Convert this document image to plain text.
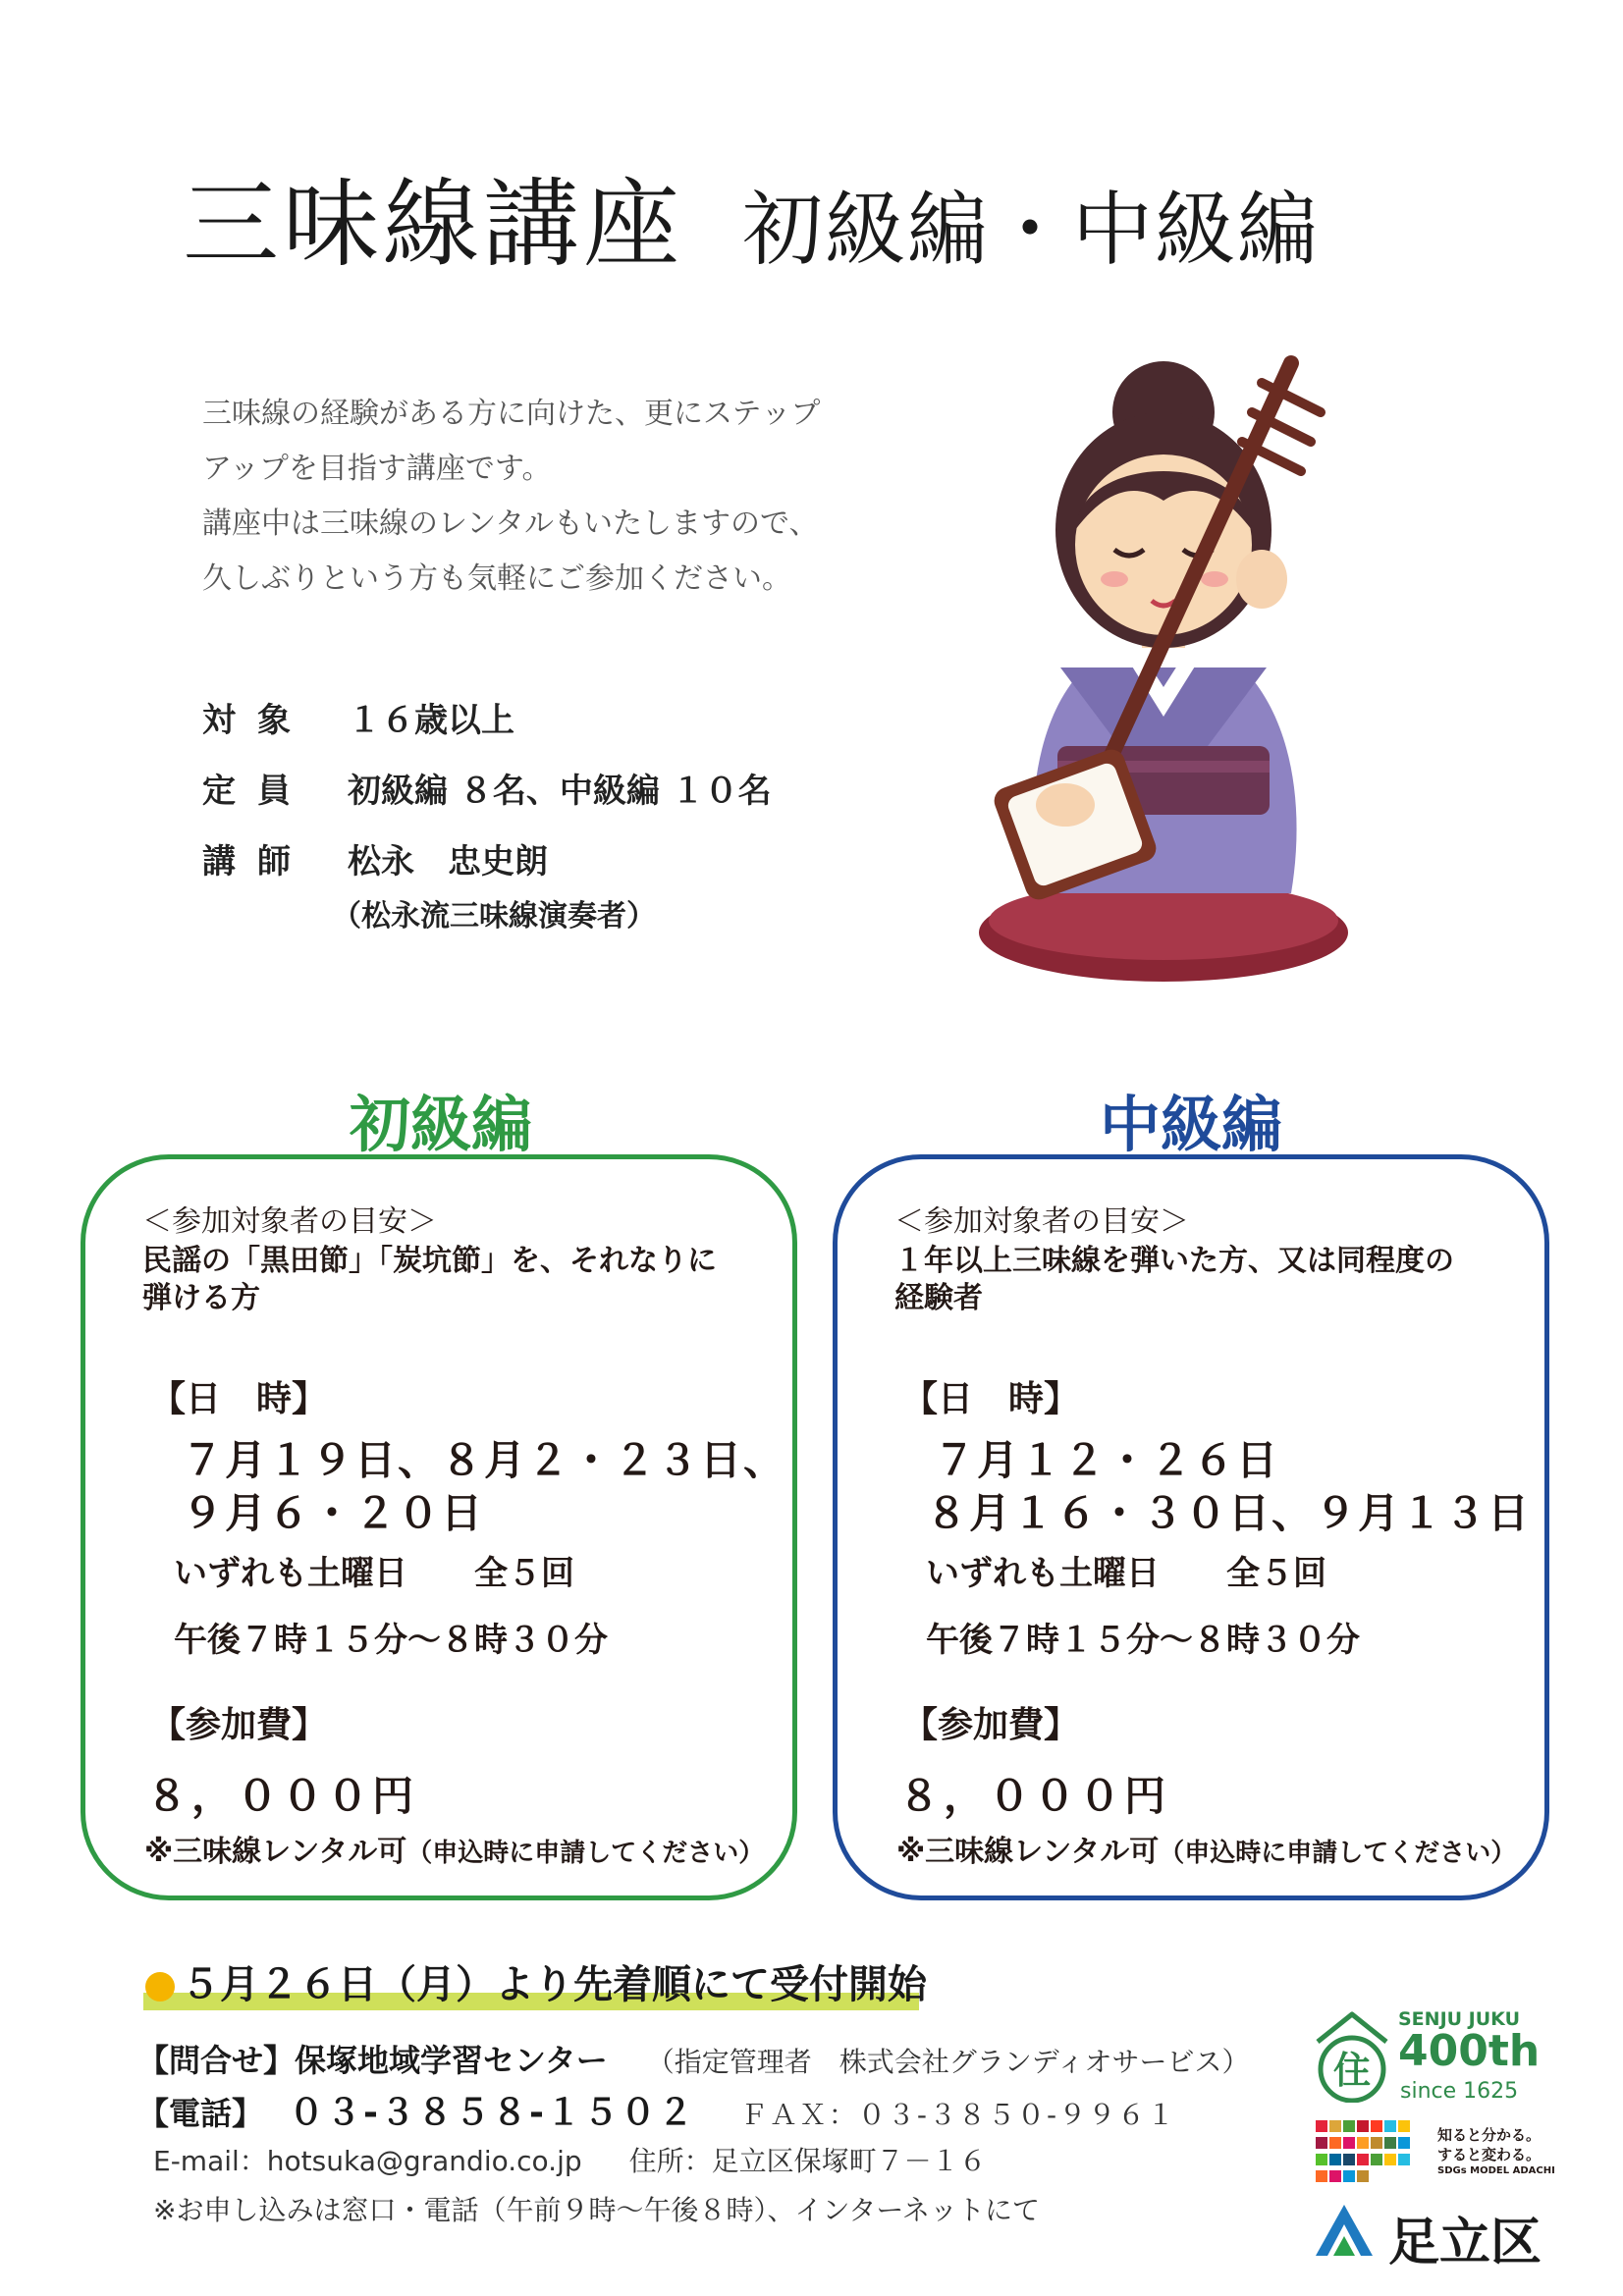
三味線講座 初級編・中級編
三味線の経験がある方に向けた、更にステップ
アップを目指す講座です。
講座中は三味線のレンタルもいたしますので、
久しぶりという方も気軽にご参加ください。
対象 １６歳以上
定員 初級編 ８名、中級編 １０名
講師 松永　忠史朗
（松永流三味線演奏者）
初級編	中級編
＜参加対象者の目安＞
民謡の「黒田節」「炭坑節」を、それなりに
弾ける方
【日　時】
７月１９日、８月２・２３日、
９月６・２０日
いずれも土曜日　　全５回
午後７時１５分～８時３０分
【参加費】
８，０００円
※三味線レンタル可（申込時に申請してください）
＜参加対象者の目安＞
１年以上三味線を弾いた方、又は同程度の
経験者
【日　時】
７月１２・２６日
８月１６・３０日、９月１３日
いずれも土曜日　　全５回
午後７時１５分～８時３０分
【参加費】
８，０００円
※三味線レンタル可（申込時に申請してください）
５月２６日（月）より先着順にて受付開始
【問合せ】保塚地域学習センター （指定管理者　株式会社グランディオサービス）
【電話】 ０３-３８５８-１５０２ ＦＡＸ：０３-３８５０-９９６１
E-mail：hotsuka@grandio.co.jp 住所：足立区保塚町７－１６
※お申し込みは窓口・電話（午前９時～午後８時）、インターネットにて
住
SENJU JUKU
400th
since 1625
知ると分かる。
すると変わる。
SDGs MODEL ADACHI
足立区
